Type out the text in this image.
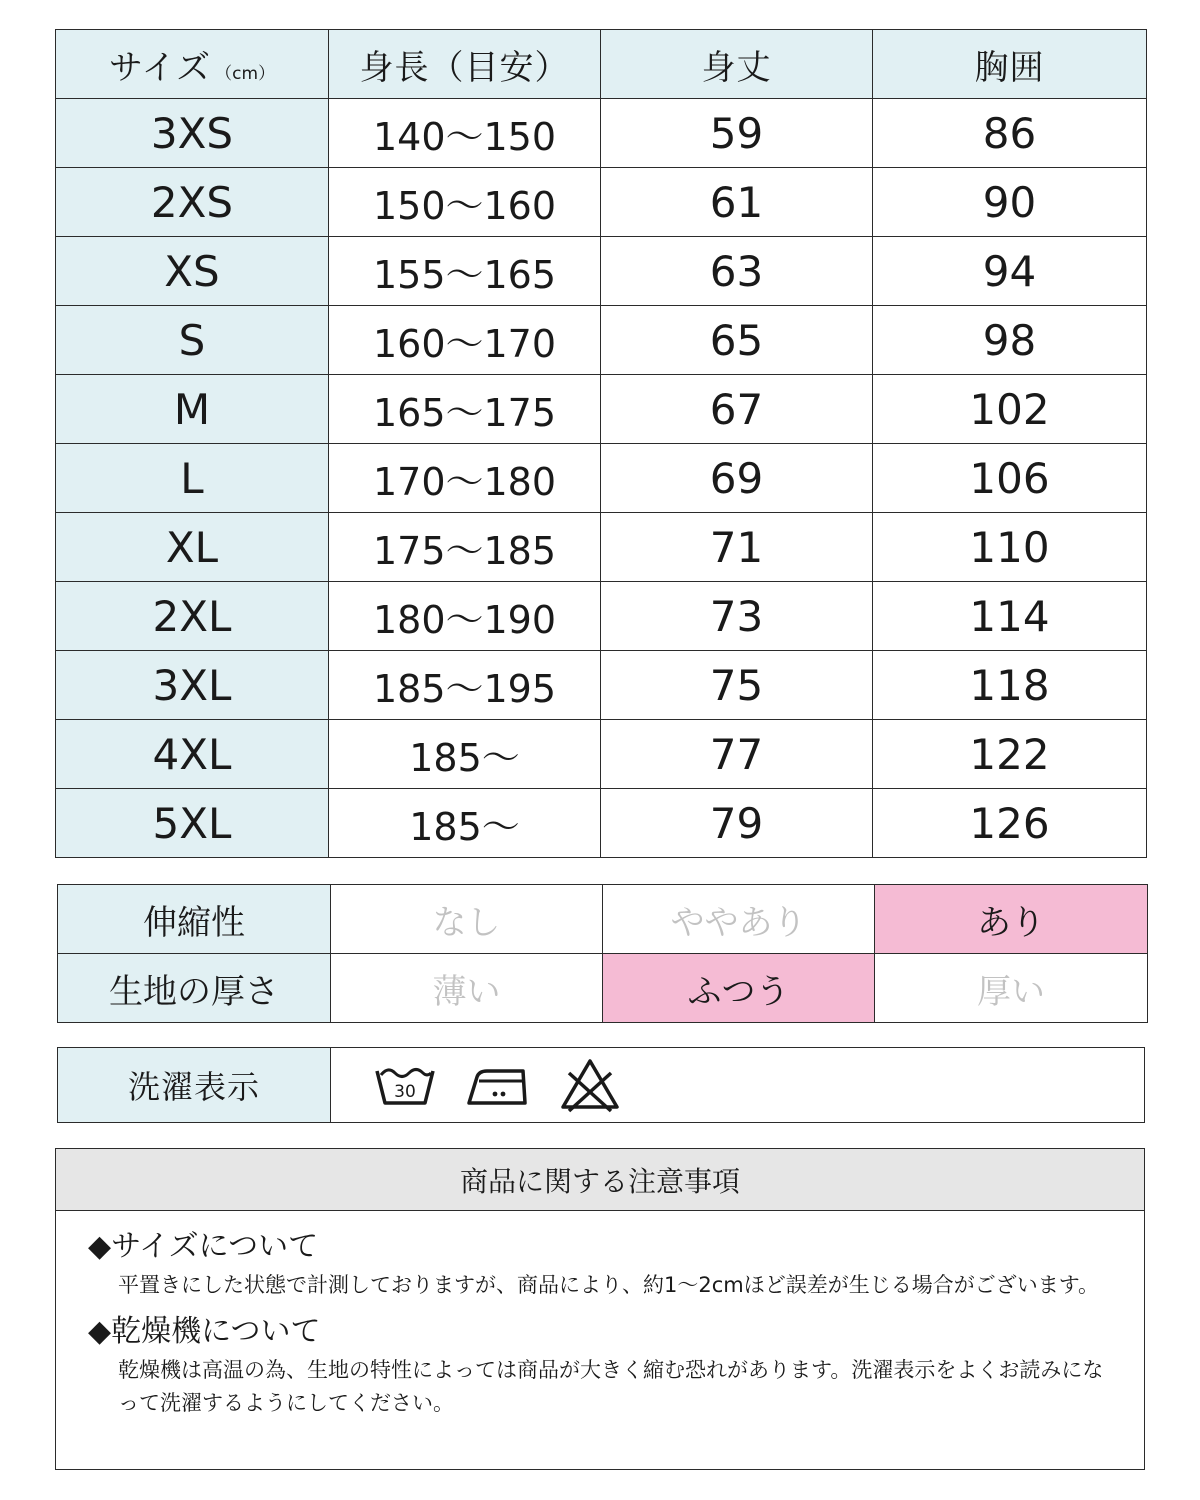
サイズ （cm）	身長（目安）	身丈	胸囲
3XS	140～150	59	86
2XS	150～160	61	90
XS	155～165	63	94
S	160～170	65	98
M	165～175	67	102
L	170～180	69	106
XL	175～185	71	110
2XL	180～190	73	114
3XL	185～195	75	118
4XL	185～	77	122
5XL	185～	79	126
伸縮性	なし	ややあり	あり
生地の厚さ	薄い	ふつう	厚い
洗濯表示	30
商品に関する注意事項
◆サイズについて
平置きにした状態で計測しておりますが、商品により、約1～2cmほど誤差が生じる場合がございます。
◆乾燥機について
乾燥機は高温の為、生地の特性によっては商品が大きく縮む恐れがあります。洗濯表示をよくお読みになって洗濯するようにしてください。
